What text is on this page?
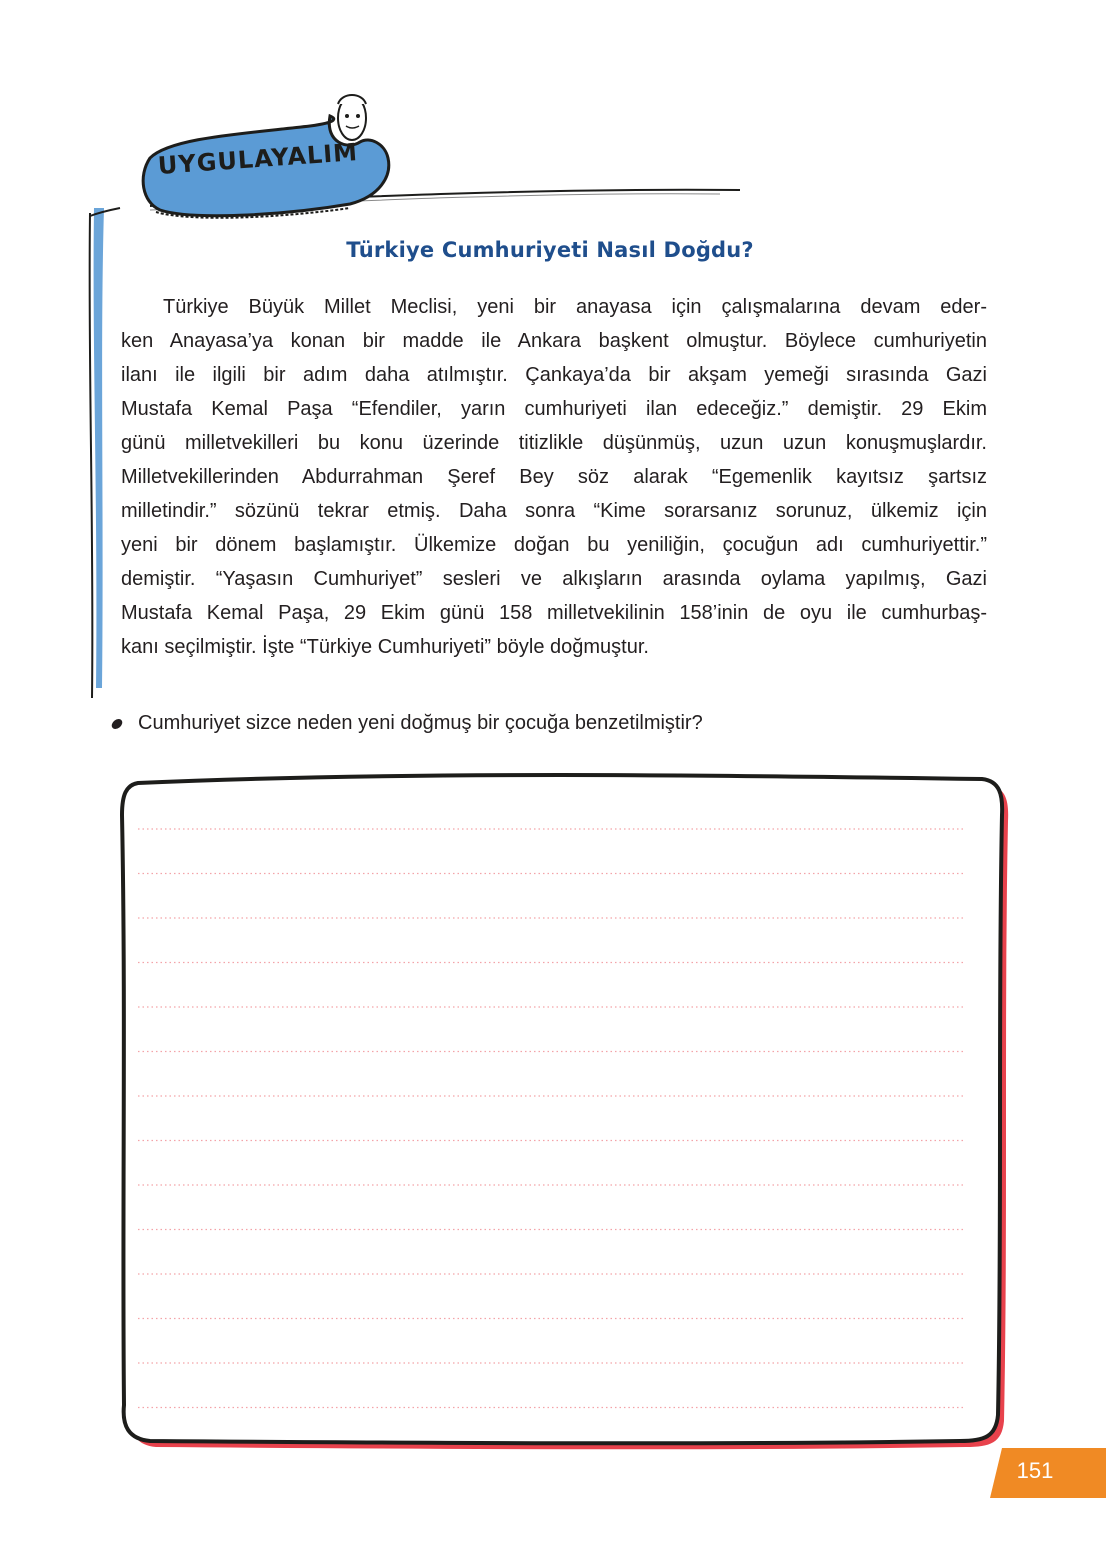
UYGULAYALIM
Türkiye Cumhuriyeti Nasıl Doğdu?
Türkiye Büyük Millet Meclisi, yeni bir anayasa için çalışmalarına devam eder-
ken Anayasa’ya konan bir madde ile Ankara başkent olmuştur. Böylece cumhuriyetin
ilanı ile ilgili bir adım daha atılmıştır. Çankaya’da bir akşam yemeği sırasında Gazi
Mustafa Kemal Paşa “Efendiler, yarın cumhuriyeti ilan edeceğiz.” demiştir. 29 Ekim
günü milletvekilleri bu konu üzerinde titizlikle düşünmüş, uzun uzun konuşmuşlardır.
Milletvekillerinden Abdurrahman Şeref Bey söz alarak “Egemenlik kayıtsız şartsız
milletindir.” sözünü tekrar etmiş. Daha sonra “Kime sorarsanız sorunuz, ülkemiz için
yeni bir dönem başlamıştır. Ülkemize doğan bu yeniliğin, çocuğun adı cumhuriyettir.”
demiştir. “Yaşasın Cumhuriyet” sesleri ve alkışların arasında oylama yapılmış, Gazi
Mustafa Kemal Paşa, 29 Ekim günü 158 milletvekilinin 158’inin de oyu ile cumhurbaş-
kanı seçilmiştir. İşte “Türkiye Cumhuriyeti” böyle doğmuştur.
Cumhuriyet sizce neden yeni doğmuş bir çocuğa benzetilmiştir?
151
